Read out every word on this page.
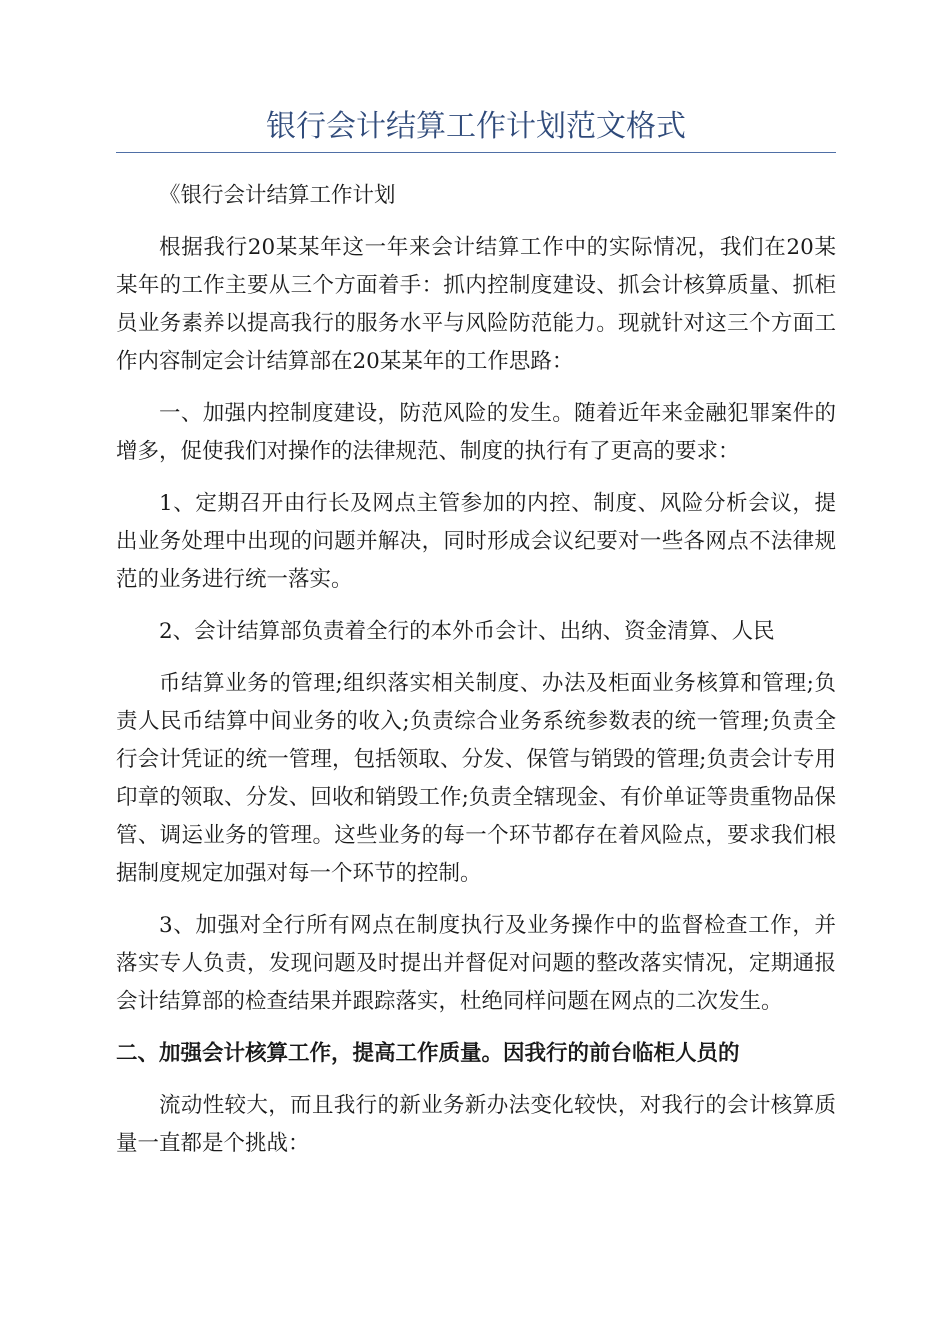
银行会计结算工作计划范文格式

《银行会计结算工作计划

根据我行20某某年这一年来会计结算工作中的实际情况，我们在20某某年的工作主要从三个方面着手：抓内控制度建设、抓会计核算质量、抓柜员业务素养以提高我行的服务水平与风险防范能力。现就针对这三个方面工作内容制定会计结算部在20某某年的工作思路：

一、加强内控制度建设，防范风险的发生。随着近年来金融犯罪案件的增多，促使我们对操作的法律规范、制度的执行有了更高的要求：

1、定期召开由行长及网点主管参加的内控、制度、风险分析会议，提出业务处理中出现的问题并解决，同时形成会议纪要对一些各网点不法律规范的业务进行统一落实。

2、会计结算部负责着全行的本外币会计、出纳、资金清算、人民

币结算业务的管理;组织落实相关制度、办法及柜面业务核算和管理;负责人民币结算中间业务的收入;负责综合业务系统参数表的统一管理;负责全行会计凭证的统一管理，包括领取、分发、保管与销毁的管理;负责会计专用印章的领取、分发、回收和销毁工作;负责全辖现金、有价单证等贵重物品保管、调运业务的管理。这些业务的每一个环节都存在着风险点，要求我们根据制度规定加强对每一个环节的控制。

3、加强对全行所有网点在制度执行及业务操作中的监督检查工作，并落实专人负责，发现问题及时提出并督促对问题的整改落实情况，定期通报会计结算部的检查结果并跟踪落实，杜绝同样问题在网点的二次发生。

二、加强会计核算工作，提高工作质量。因我行的前台临柜人员的

流动性较大，而且我行的新业务新办法变化较快，对我行的会计核算质量一直都是个挑战：
